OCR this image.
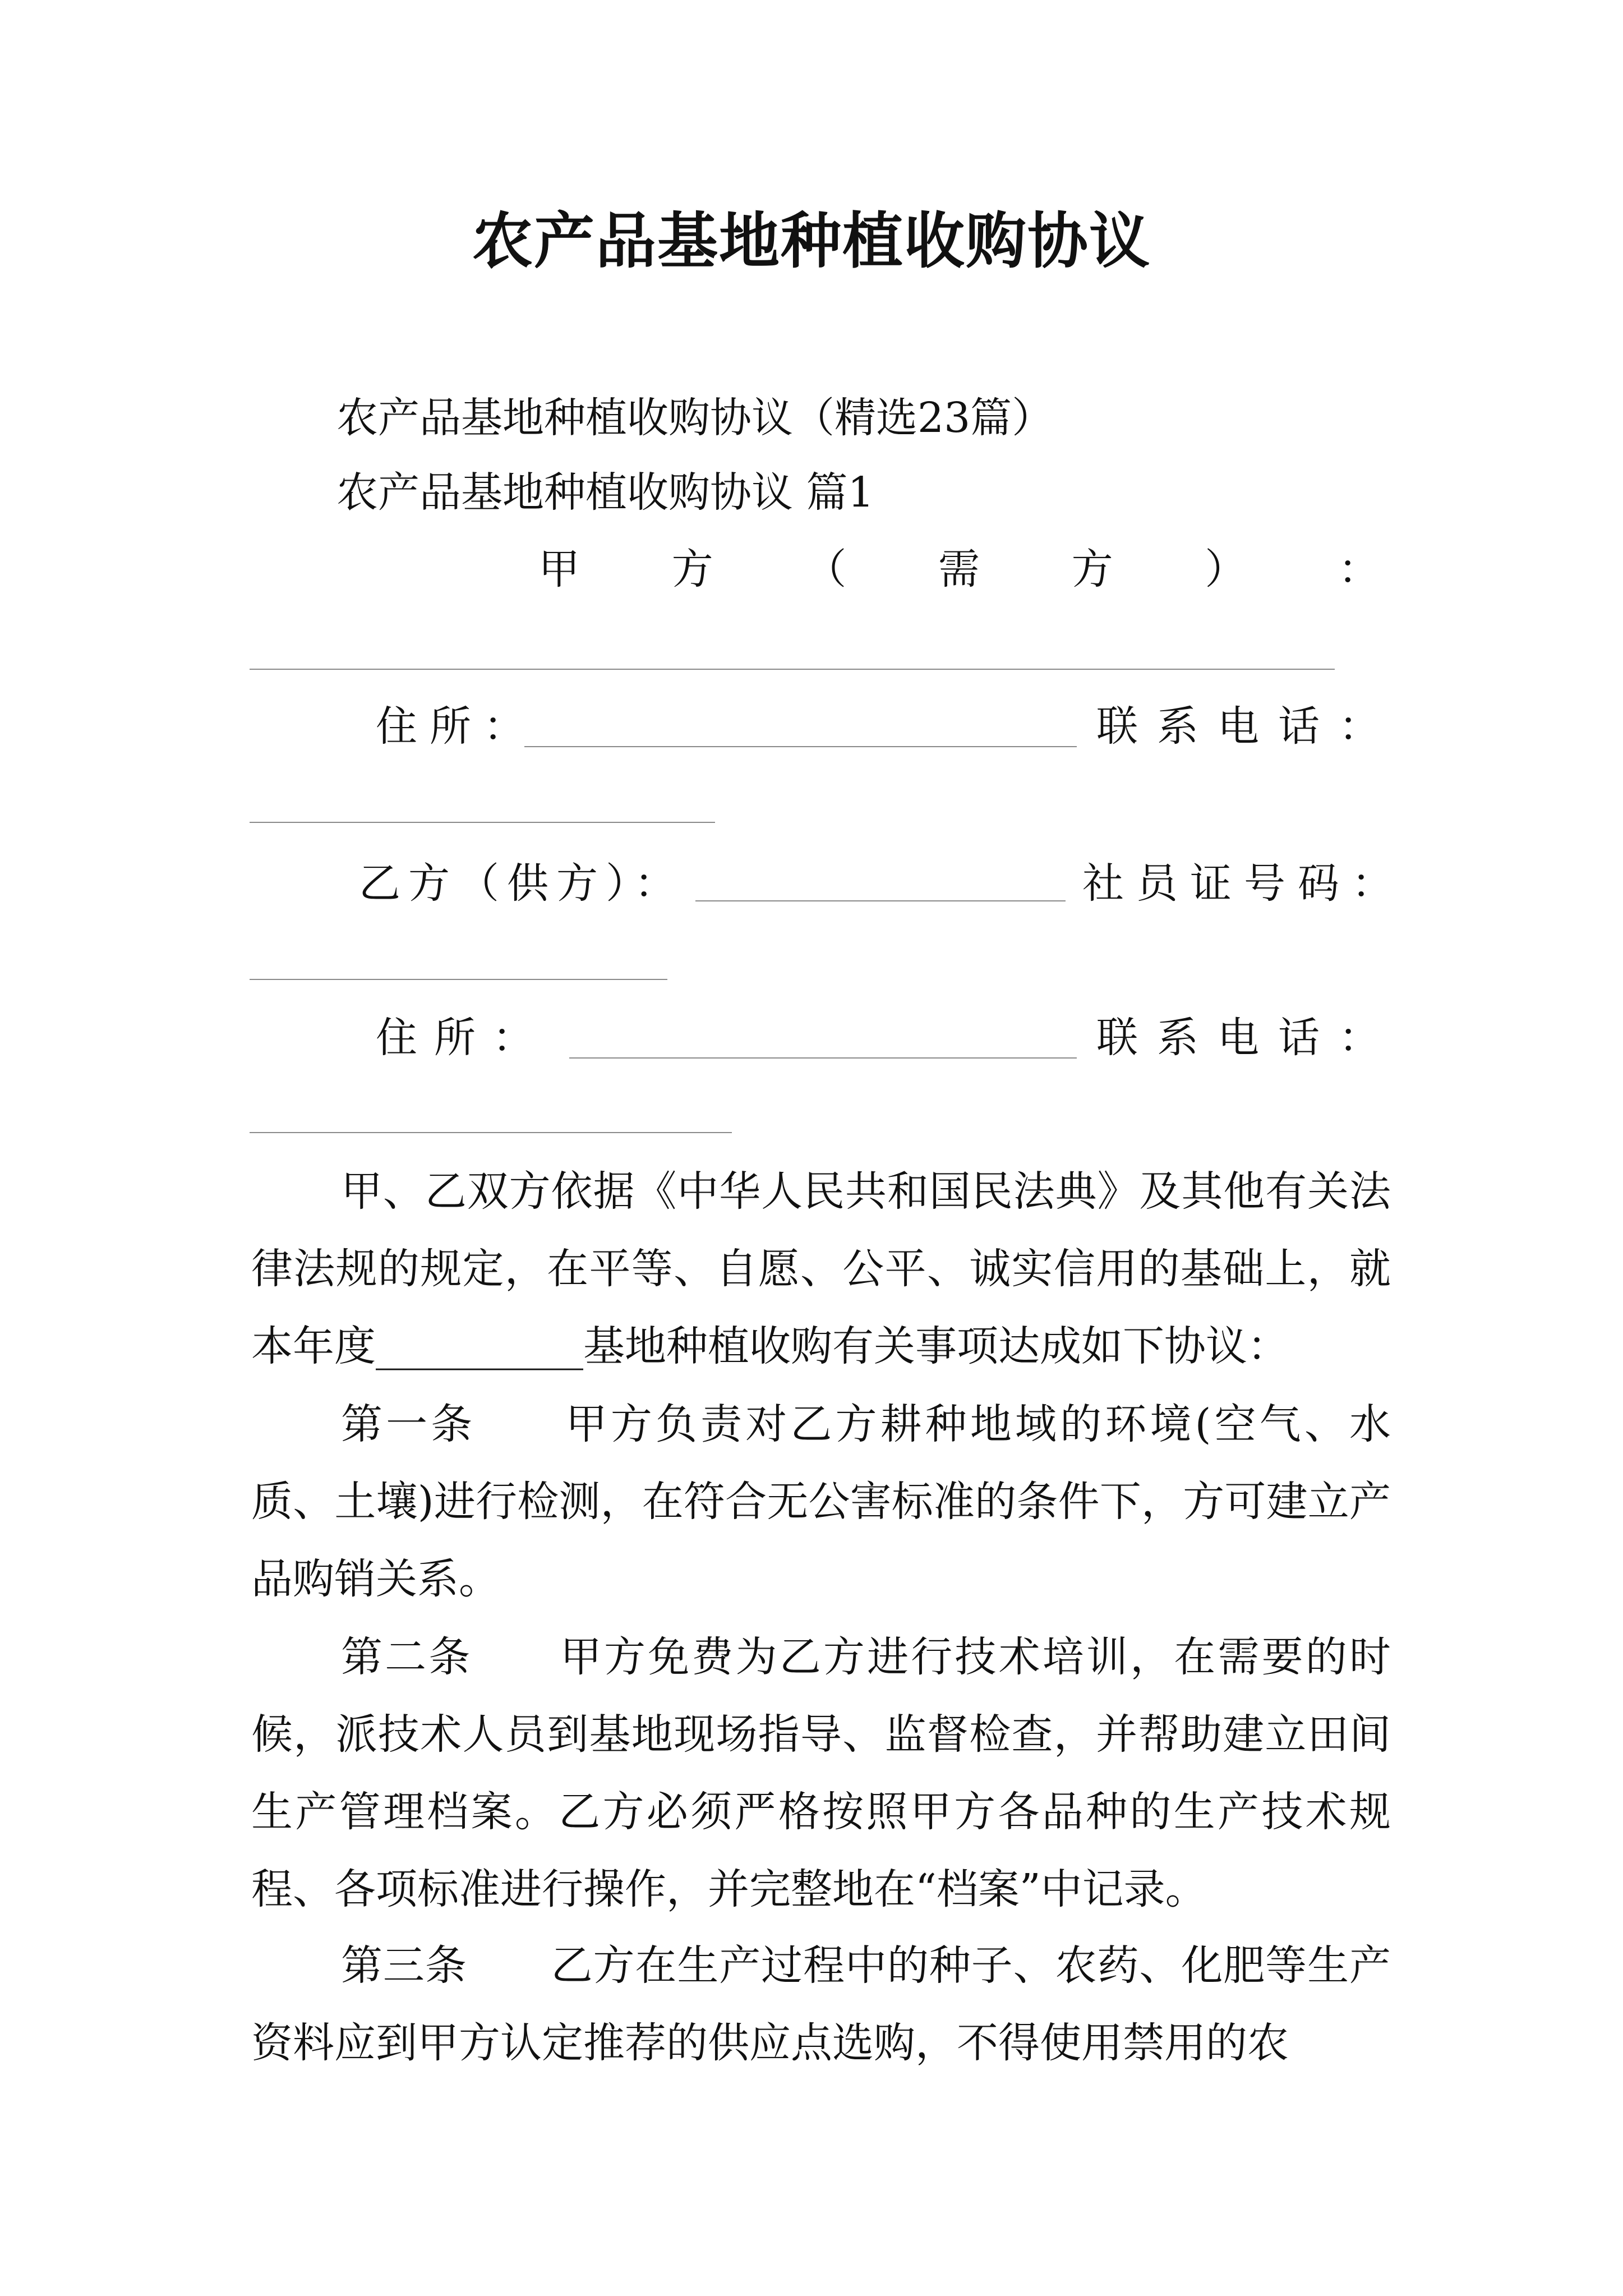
农产品基地种植收购协议
农产品基地种植收购协议（精选23篇）
农产品基地种植收购协议 篇1
甲 方 （ 需 方 ） ：
住所：	联系电话：
乙方（供方）：	社员证号码：
住所：	联系电话：
甲、乙双方依据《中华人民共和国民法典》及其他有关法律法规的规定，在平等、自愿、公平、诚实信用的基础上，就本年度__________基地种植收购有关事项达成如下协议：
第一条　　甲方负责对乙方耕种地域的环境(空气、水质、土壤)进行检测，在符合无公害标准的条件下，方可建立产品购销关系。
第二条　　甲方免费为乙方进行技术培训，在需要的时候，派技术人员到基地现场指导、监督检查，并帮助建立田间生产管理档案。乙方必须严格按照甲方各品种的生产技术规程、各项标准进行操作，并完整地在“档案”中记录。
第三条　　乙方在生产过程中的种子、农药、化肥等生产资料应到甲方认定推荐的供应点选购，不得使用禁用的农
